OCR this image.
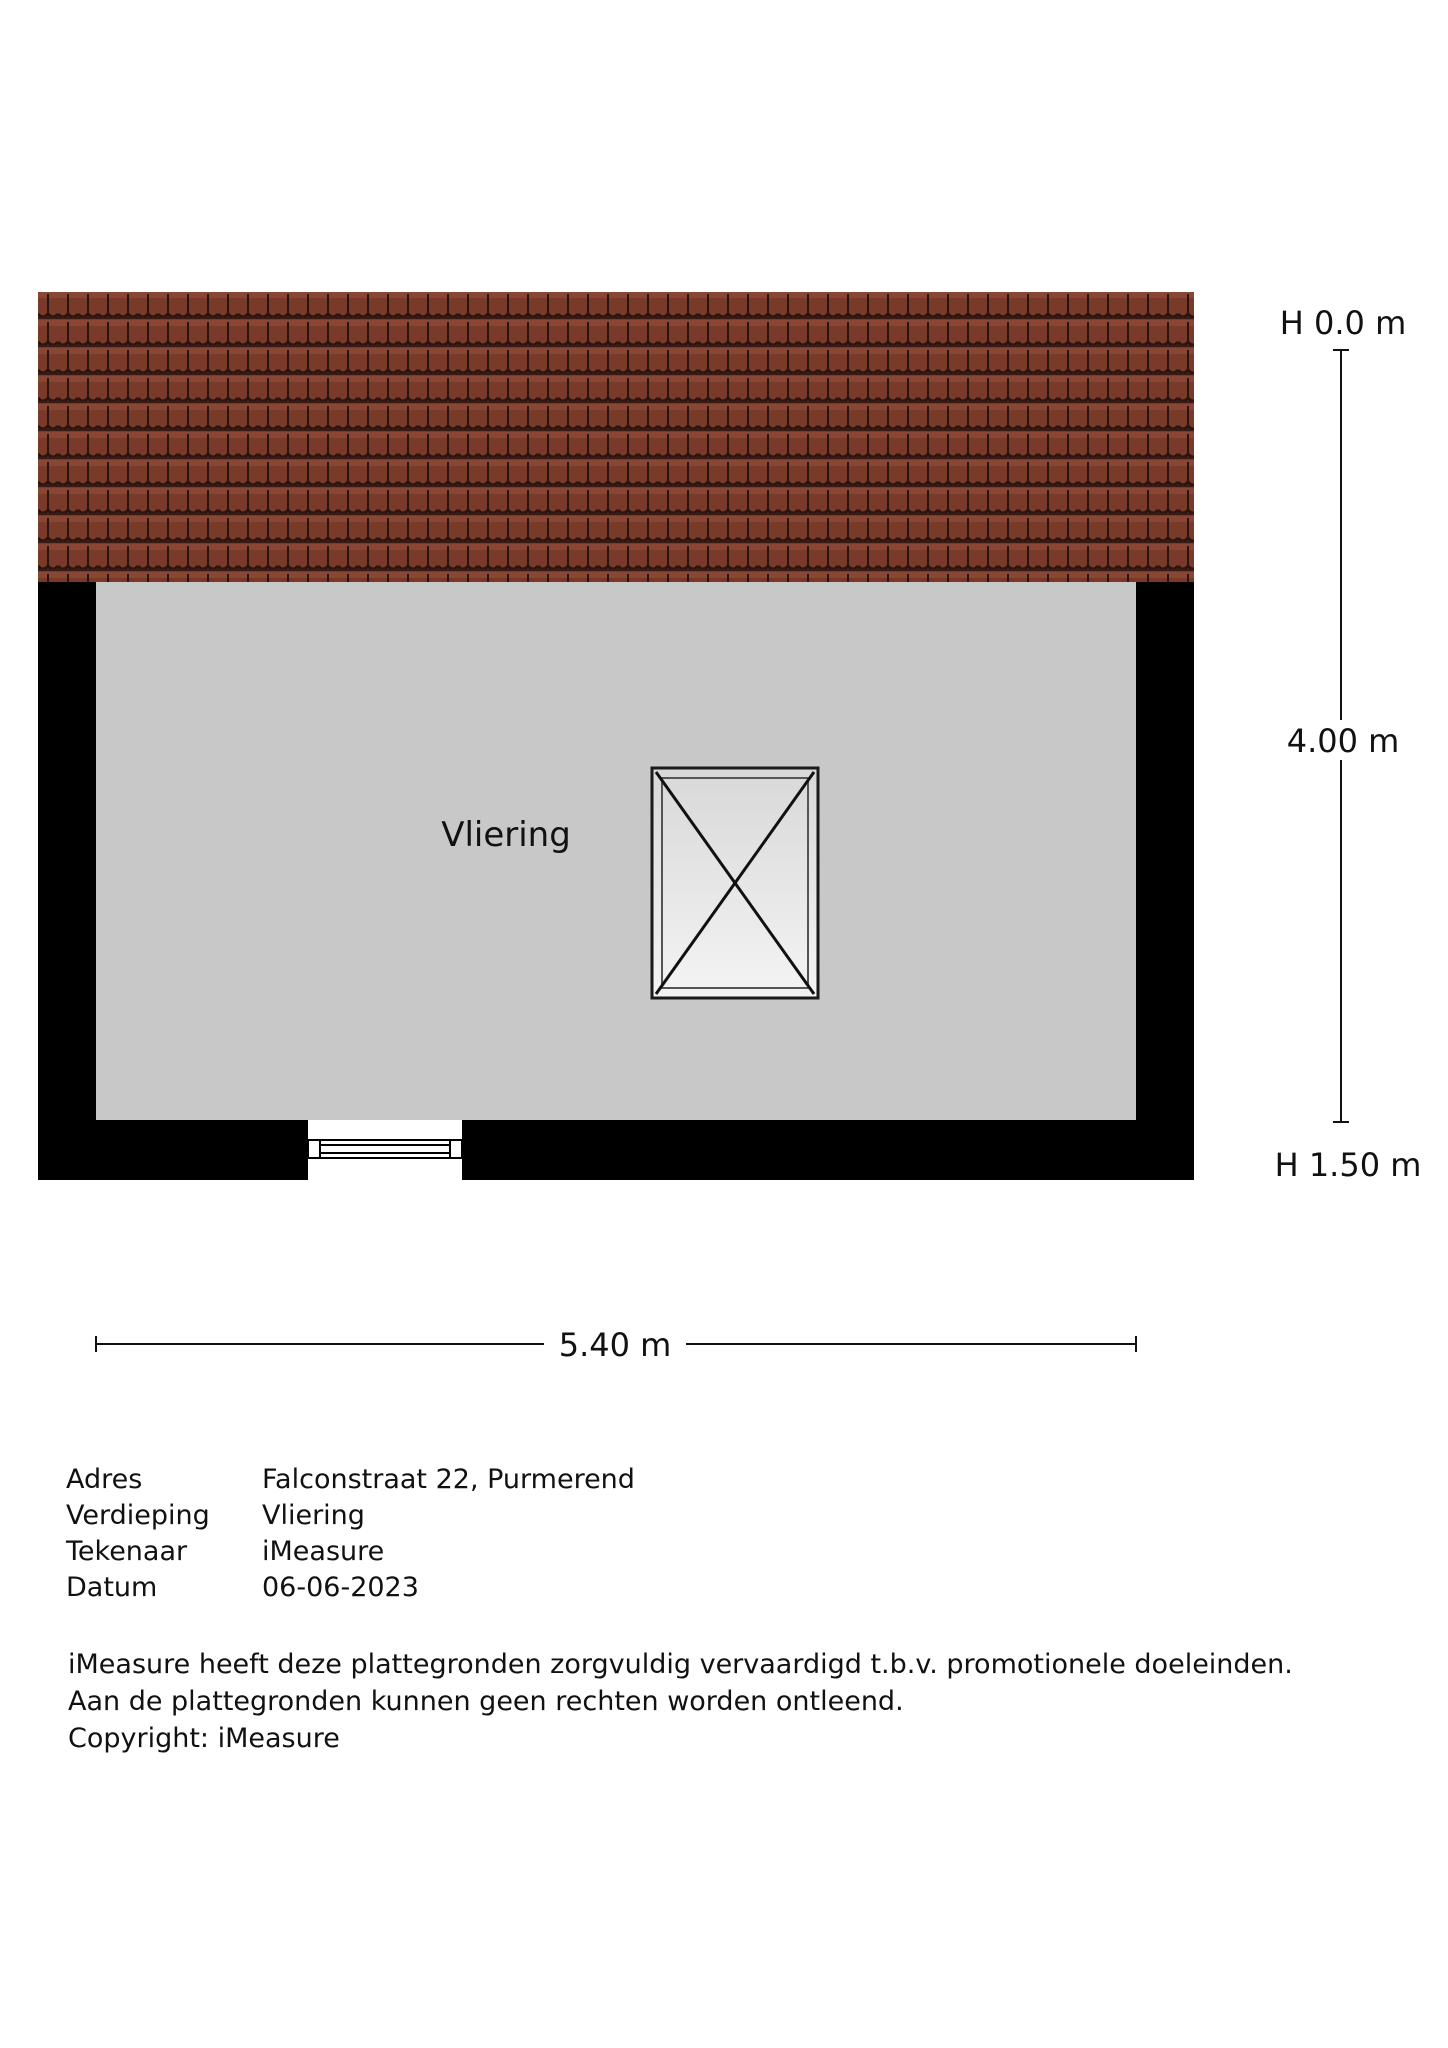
Vliering
H 0.0 m
4.00 m
H 1.50 m
5.40 m
Adres	Falconstraat 22, Purmerend
Verdieping	Vliering
Tekenaar	iMeasure
Datum	06-06-2023
iMeasure heeft deze plattegronden zorgvuldig vervaardigd t.b.v. promotionele doeleinden.
Aan de plattegronden kunnen geen rechten worden ontleend.
Copyright: iMeasure
